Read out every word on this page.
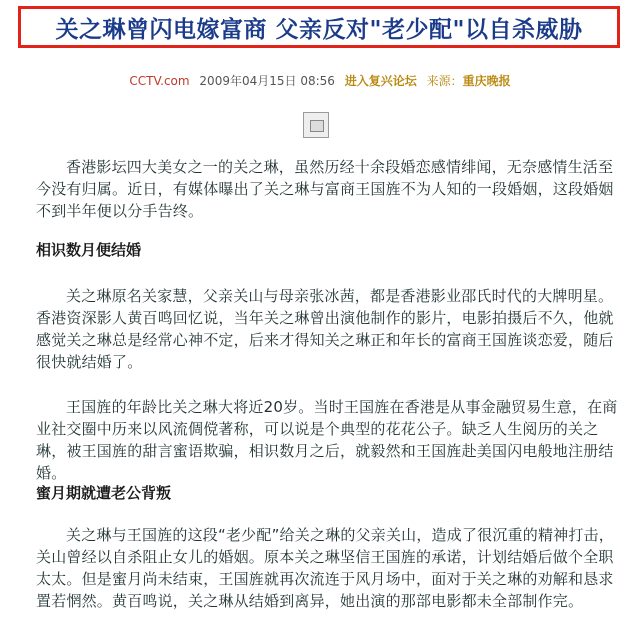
关之琳曾闪电嫁富商 父亲反对"老少配"以自杀威胁
CCTV.com 2009年04月15日 08:56 进入复兴论坛 来源：重庆晚报

香港影坛四大美女之一的关之琳，虽然历经十余段婚恋感情绯闻，无奈感情生活至今没有归属。近日，有媒体曝出了关之琳与富商王国旌不为人知的一段婚姻，这段婚姻不到半年便以分手告终。

相识数月便结婚

关之琳原名关家慧，父亲关山与母亲张冰茜，都是香港影业邵氏时代的大牌明星。香港资深影人黄百鸣回忆说，当年关之琳曾出演他制作的影片，电影拍摄后不久，他就感觉关之琳总是经常心神不定，后来才得知关之琳正和年长的富商王国旌谈恋爱，随后很快就结婚了。

王国旌的年龄比关之琳大将近20岁。当时王国旌在香港是从事金融贸易生意，在商业社交圈中历来以风流倜傥著称，可以说是个典型的花花公子。缺乏人生阅历的关之琳，被王国旌的甜言蜜语欺骗，相识数月之后，就毅然和王国旌赴美国闪电般地注册结婚。

蜜月期就遭老公背叛

关之琳与王国旌的这段“老少配”给关之琳的父亲关山，造成了很沉重的精神打击，关山曾经以自杀阻止女儿的婚姻。原本关之琳坚信王国旌的承诺，计划结婚后做个全职太太。但是蜜月尚未结束，王国旌就再次流连于风月场中，面对于关之琳的劝解和恳求置若惘然。黄百鸣说，关之琳从结婚到离异，她出演的那部电影都未全部制作完。
